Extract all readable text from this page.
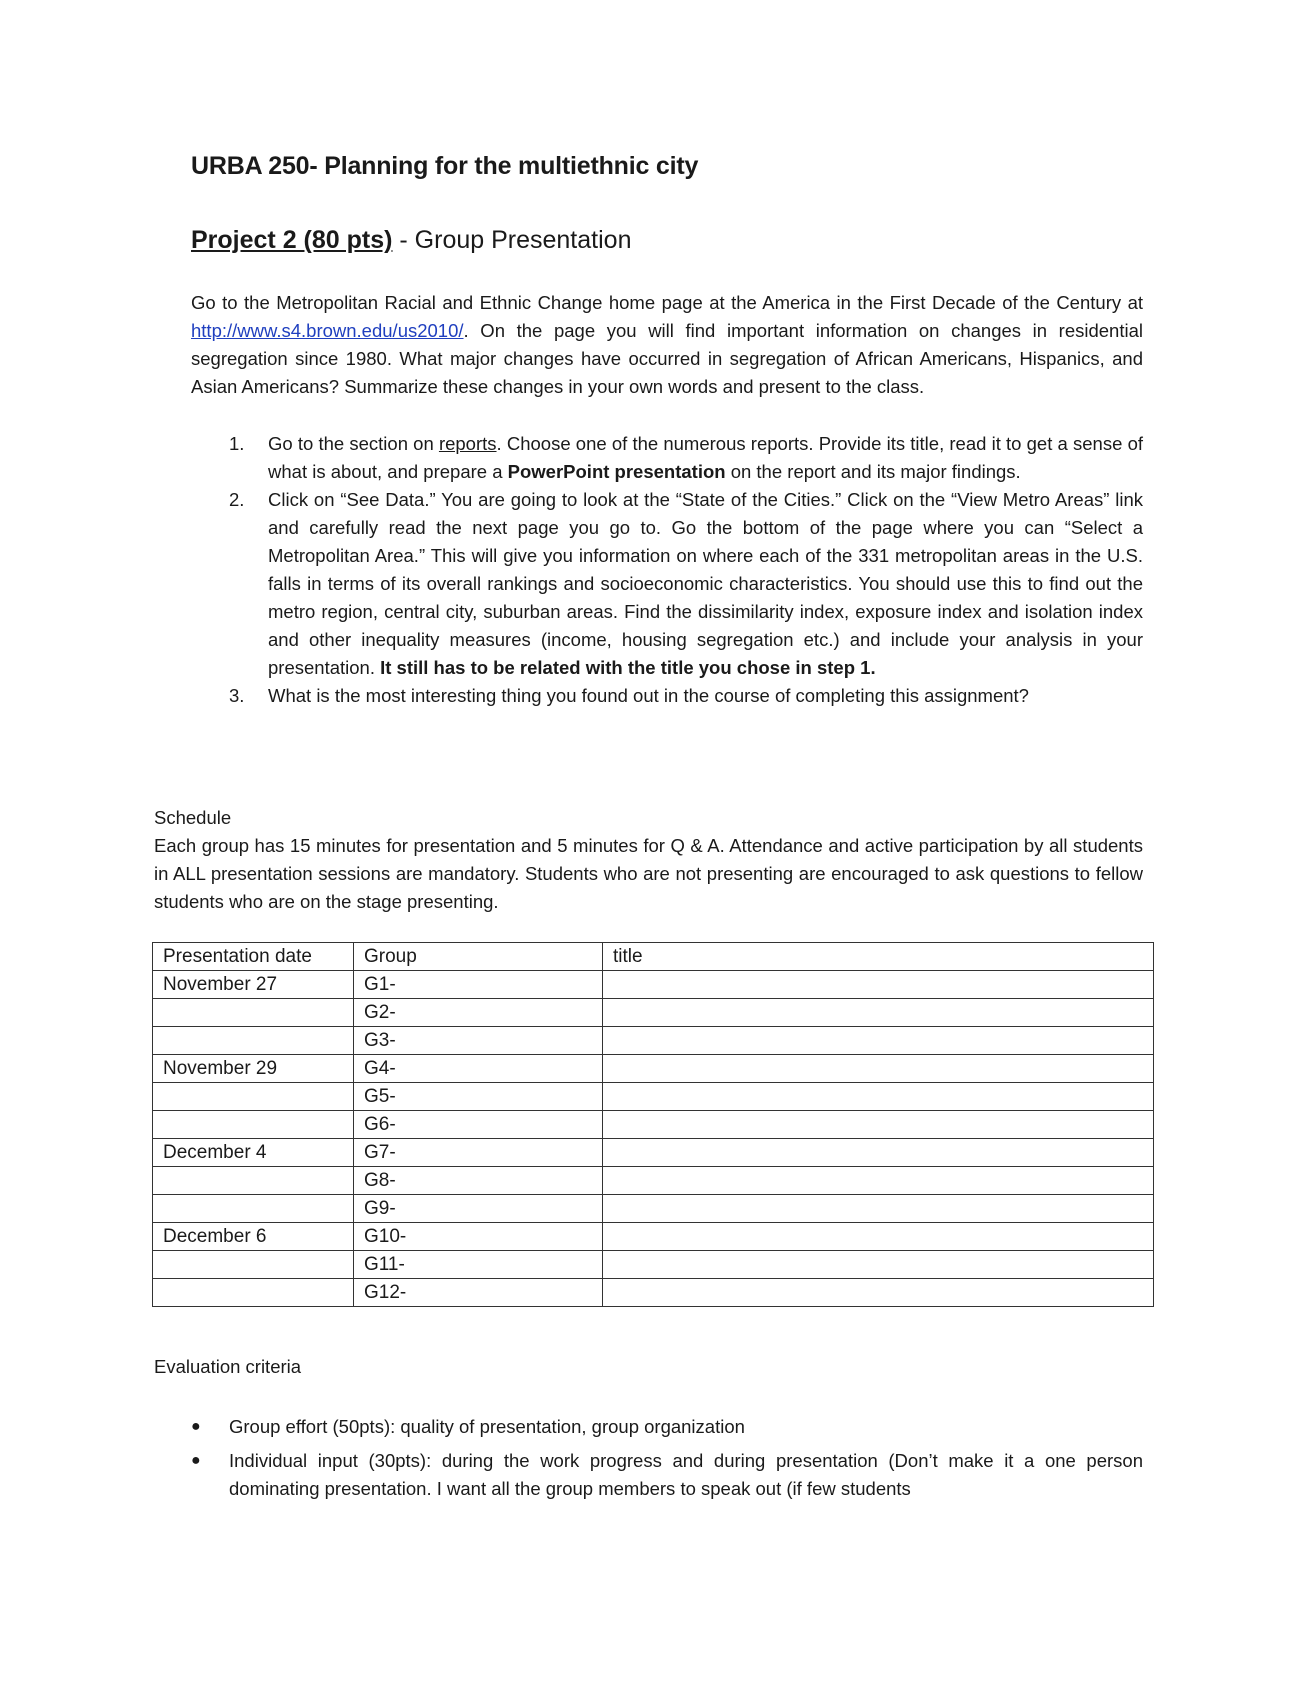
URBA 250- Planning for the multiethnic city
Project 2 (80 pts) - Group Presentation
Go to the Metropolitan Racial and Ethnic Change home page at the America in the First Decade of the Century at http://www.s4.brown.edu/us2010/. On the page you will find important information on changes in residential segregation since 1980. What major changes have occurred in segregation of African Americans, Hispanics, and Asian Americans? Summarize these changes in your own words and present to the class.
1. Go to the section on reports. Choose one of the numerous reports. Provide its title, read it to get a sense of what is about, and prepare a PowerPoint presentation on the report and its major findings.
2. Click on “See Data.” You are going to look at the “State of the Cities.” Click on the “View Metro Areas” link and carefully read the next page you go to. Go the bottom of the page where you can “Select a Metropolitan Area.” This will give you information on where each of the 331 metropolitan areas in the U.S. falls in terms of its overall rankings and socioeconomic characteristics. You should use this to find out the metro region, central city, suburban areas. Find the dissimilarity index, exposure index and isolation index and other inequality measures (income, housing segregation etc.) and include your analysis in your presentation. It still has to be related with the title you chose in step 1.
3. What is the most interesting thing you found out in the course of completing this assignment?
Schedule
Each group has 15 minutes for presentation and 5 minutes for Q & A. Attendance and active participation by all students in ALL presentation sessions are mandatory. Students who are not presenting are encouraged to ask questions to fellow students who are on the stage presenting.
Presentation date	Group	title
November 27	G1-	
	G2-	
	G3-	
November 29	G4-	
	G5-	
	G6-	
December 4	G7-	
	G8-	
	G9-	
December 6	G10-	
	G11-	
	G12-	
Evaluation criteria
● Group effort (50pts): quality of presentation, group organization
● Individual input (30pts): during the work progress and during presentation (Don’t make it a one person dominating presentation. I want all the group members to speak out (if few students
